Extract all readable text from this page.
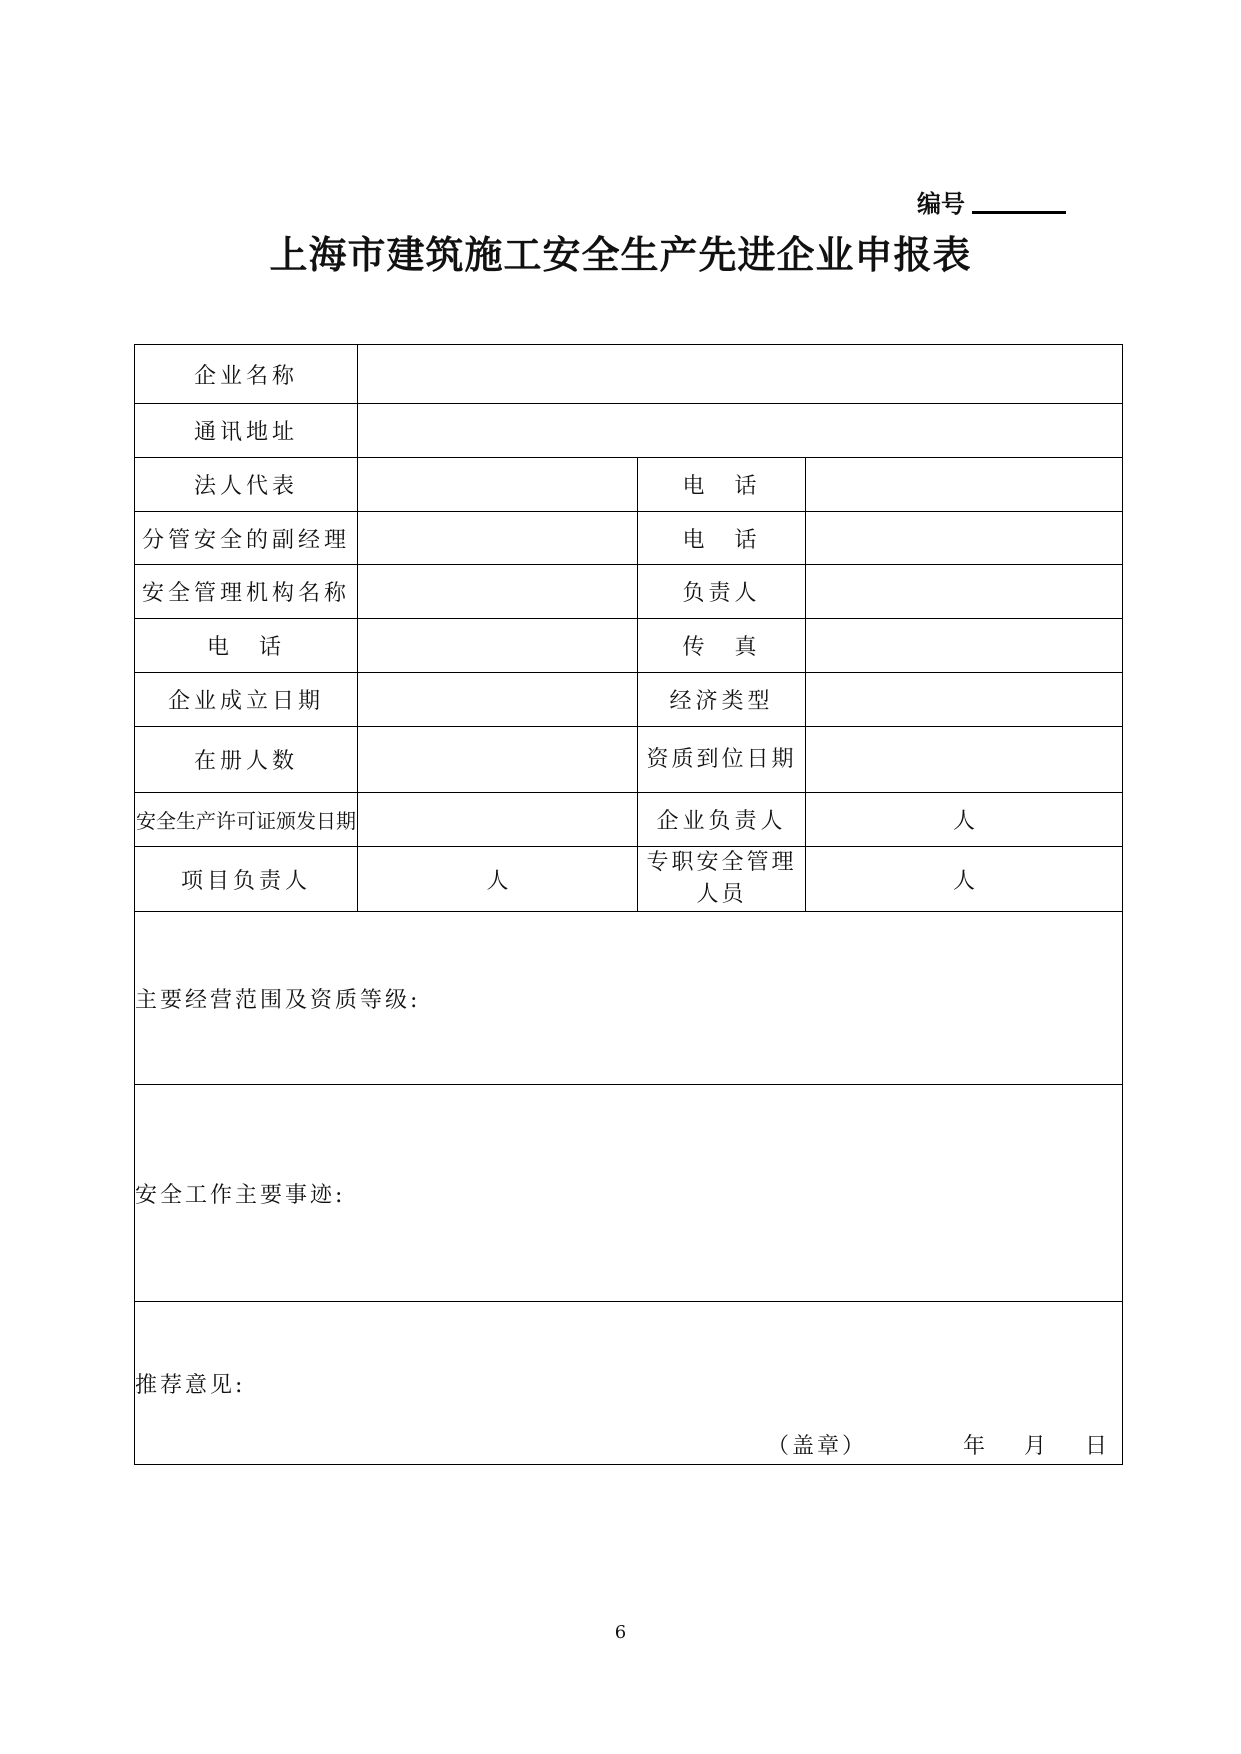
编号
上海市建筑施工安全生产先进企业申报表
企业名称			
通讯地址			
法人代表		电　话	
分管安全的副经理		电　话	
安全管理机构名称		负责人	
电　话		传　真	
企业成立日期		经济类型	
在册人数		资质到位日期	
安全生产许可证颁发日期		企业负责人	人
项目负责人	人	专职安全管理人员	人
主要经营范围及资质等级:			
安全工作主要事迹:			
推荐意见:
（盖章） 年 月 日			
6
